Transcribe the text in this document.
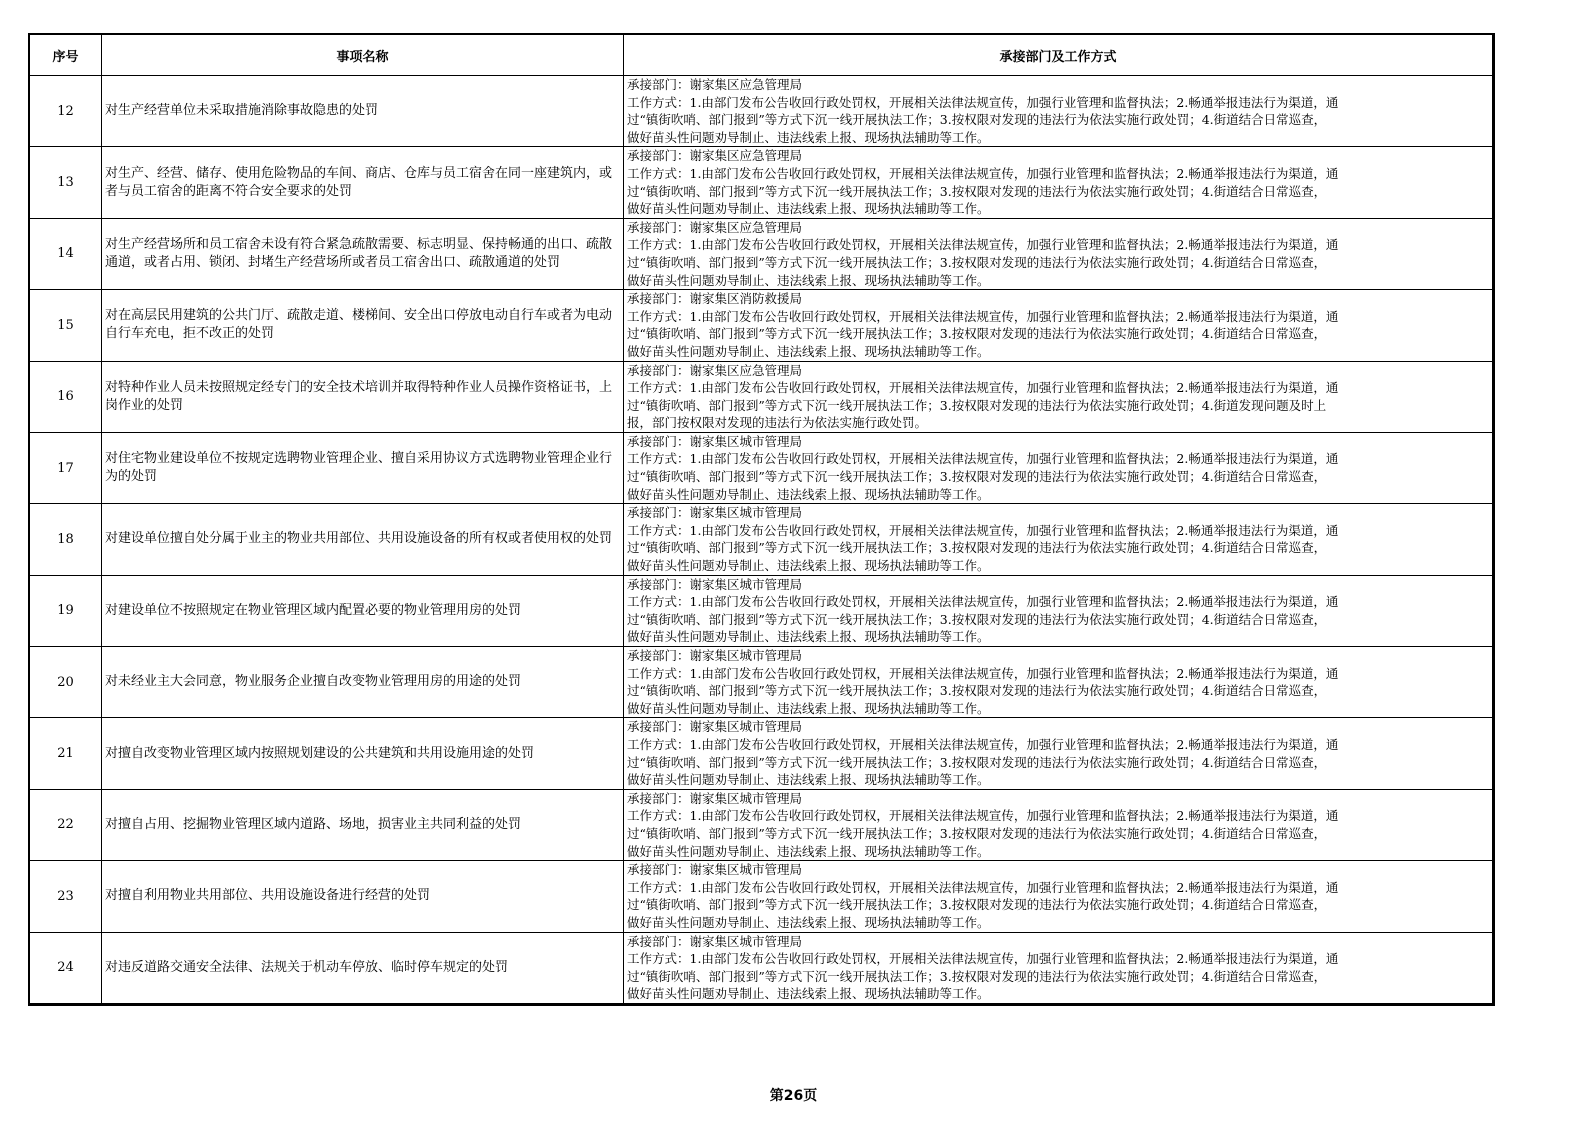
序号	事项名称	承接部门及工作方式
12	对生产经营单位未采取措施消除事故隐患的处罚	承接部门：谢家集区应急管理局
工作方式：1.由部门发布公告收回行政处罚权，开展相关法律法规宣传，加强行业管理和监督执法；2.畅通举报违法行为渠道，通
过“镇街吹哨、部门报到”等方式下沉一线开展执法工作；3.按权限对发现的违法行为依法实施行政处罚；4.街道结合日常巡查，
做好苗头性问题劝导制止、违法线索上报、现场执法辅助等工作。

13	对生产、经营、储存、使用危险物品的车间、商店、仓库与员工宿舍在同一座建筑内，或者与员工宿舍的距离不符合安全要求的处罚	承接部门：谢家集区应急管理局
工作方式：1.由部门发布公告收回行政处罚权，开展相关法律法规宣传，加强行业管理和监督执法；2.畅通举报违法行为渠道，通
过“镇街吹哨、部门报到”等方式下沉一线开展执法工作；3.按权限对发现的违法行为依法实施行政处罚；4.街道结合日常巡查，
做好苗头性问题劝导制止、违法线索上报、现场执法辅助等工作。

14	对生产经营场所和员工宿舍未设有符合紧急疏散需要、标志明显、保持畅通的出口、疏散通道，或者占用、锁闭、封堵生产经营场所或者员工宿舍出口、疏散通道的处罚	承接部门：谢家集区应急管理局
工作方式：1.由部门发布公告收回行政处罚权，开展相关法律法规宣传，加强行业管理和监督执法；2.畅通举报违法行为渠道，通
过“镇街吹哨、部门报到”等方式下沉一线开展执法工作；3.按权限对发现的违法行为依法实施行政处罚；4.街道结合日常巡查，
做好苗头性问题劝导制止、违法线索上报、现场执法辅助等工作。

15	对在高层民用建筑的公共门厅、疏散走道、楼梯间、安全出口停放电动自行车或者为电动自行车充电，拒不改正的处罚	承接部门：谢家集区消防救援局
工作方式：1.由部门发布公告收回行政处罚权，开展相关法律法规宣传，加强行业管理和监督执法；2.畅通举报违法行为渠道，通
过“镇街吹哨、部门报到”等方式下沉一线开展执法工作；3.按权限对发现的违法行为依法实施行政处罚；4.街道结合日常巡查，
做好苗头性问题劝导制止、违法线索上报、现场执法辅助等工作。

16	对特种作业人员未按照规定经专门的安全技术培训并取得特种作业人员操作资格证书，上岗作业的处罚	承接部门：谢家集区应急管理局
工作方式：1.由部门发布公告收回行政处罚权，开展相关法律法规宣传，加强行业管理和监督执法；2.畅通举报违法行为渠道，通
过“镇街吹哨、部门报到”等方式下沉一线开展执法工作；3.按权限对发现的违法行为依法实施行政处罚；4.街道发现问题及时上
报，部门按权限对发现的违法行为依法实施行政处罚。

17	对住宅物业建设单位不按规定选聘物业管理企业、擅自采用协议方式选聘物业管理企业行为的处罚	承接部门：谢家集区城市管理局
工作方式：1.由部门发布公告收回行政处罚权，开展相关法律法规宣传，加强行业管理和监督执法；2.畅通举报违法行为渠道，通
过“镇街吹哨、部门报到”等方式下沉一线开展执法工作；3.按权限对发现的违法行为依法实施行政处罚；4.街道结合日常巡查，
做好苗头性问题劝导制止、违法线索上报、现场执法辅助等工作。

18	对建设单位擅自处分属于业主的物业共用部位、共用设施设备的所有权或者使用权的处罚	承接部门：谢家集区城市管理局
工作方式：1.由部门发布公告收回行政处罚权，开展相关法律法规宣传，加强行业管理和监督执法；2.畅通举报违法行为渠道，通
过“镇街吹哨、部门报到”等方式下沉一线开展执法工作；3.按权限对发现的违法行为依法实施行政处罚；4.街道结合日常巡查，
做好苗头性问题劝导制止、违法线索上报、现场执法辅助等工作。

19	对建设单位不按照规定在物业管理区域内配置必要的物业管理用房的处罚	承接部门：谢家集区城市管理局
工作方式：1.由部门发布公告收回行政处罚权，开展相关法律法规宣传，加强行业管理和监督执法；2.畅通举报违法行为渠道，通
过“镇街吹哨、部门报到”等方式下沉一线开展执法工作；3.按权限对发现的违法行为依法实施行政处罚；4.街道结合日常巡查，
做好苗头性问题劝导制止、违法线索上报、现场执法辅助等工作。

20	对未经业主大会同意，物业服务企业擅自改变物业管理用房的用途的处罚	承接部门：谢家集区城市管理局
工作方式：1.由部门发布公告收回行政处罚权，开展相关法律法规宣传，加强行业管理和监督执法；2.畅通举报违法行为渠道，通
过“镇街吹哨、部门报到”等方式下沉一线开展执法工作；3.按权限对发现的违法行为依法实施行政处罚；4.街道结合日常巡查，
做好苗头性问题劝导制止、违法线索上报、现场执法辅助等工作。

21	对擅自改变物业管理区域内按照规划建设的公共建筑和共用设施用途的处罚	承接部门：谢家集区城市管理局
工作方式：1.由部门发布公告收回行政处罚权，开展相关法律法规宣传，加强行业管理和监督执法；2.畅通举报违法行为渠道，通
过“镇街吹哨、部门报到”等方式下沉一线开展执法工作；3.按权限对发现的违法行为依法实施行政处罚；4.街道结合日常巡查，
做好苗头性问题劝导制止、违法线索上报、现场执法辅助等工作。

22	对擅自占用、挖掘物业管理区域内道路、场地，损害业主共同利益的处罚	承接部门：谢家集区城市管理局
工作方式：1.由部门发布公告收回行政处罚权，开展相关法律法规宣传，加强行业管理和监督执法；2.畅通举报违法行为渠道，通
过“镇街吹哨、部门报到”等方式下沉一线开展执法工作；3.按权限对发现的违法行为依法实施行政处罚；4.街道结合日常巡查，
做好苗头性问题劝导制止、违法线索上报、现场执法辅助等工作。

23	对擅自利用物业共用部位、共用设施设备进行经营的处罚	承接部门：谢家集区城市管理局
工作方式：1.由部门发布公告收回行政处罚权，开展相关法律法规宣传，加强行业管理和监督执法；2.畅通举报违法行为渠道，通
过“镇街吹哨、部门报到”等方式下沉一线开展执法工作；3.按权限对发现的违法行为依法实施行政处罚；4.街道结合日常巡查，
做好苗头性问题劝导制止、违法线索上报、现场执法辅助等工作。

24	对违反道路交通安全法律、法规关于机动车停放、临时停车规定的处罚	承接部门：谢家集区城市管理局
工作方式：1.由部门发布公告收回行政处罚权，开展相关法律法规宣传，加强行业管理和监督执法；2.畅通举报违法行为渠道，通
过“镇街吹哨、部门报到”等方式下沉一线开展执法工作；3.按权限对发现的违法行为依法实施行政处罚；4.街道结合日常巡查，
做好苗头性问题劝导制止、违法线索上报、现场执法辅助等工作。
第26页
